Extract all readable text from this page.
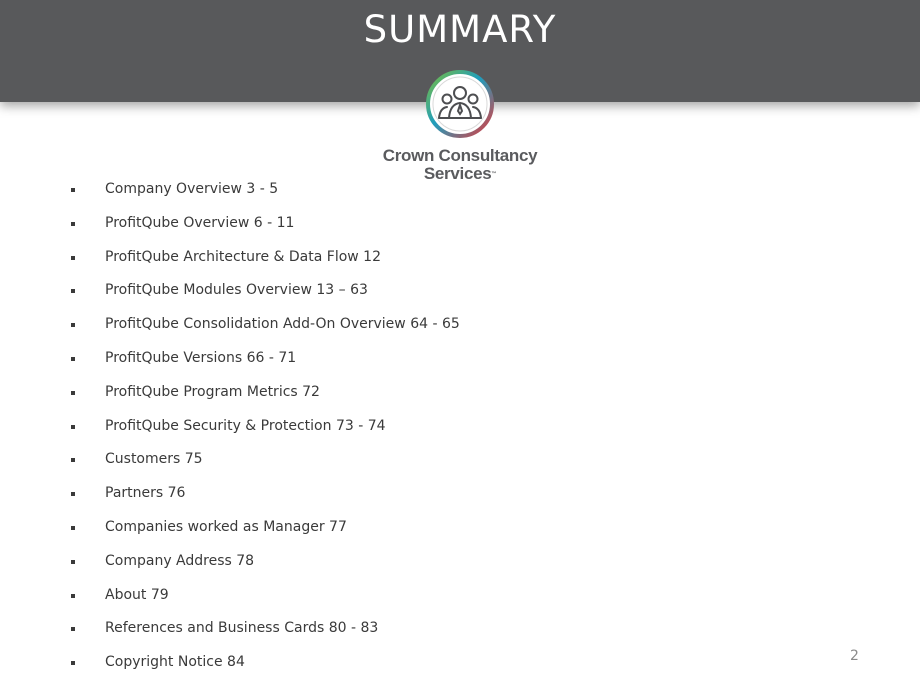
SUMMARY
Crown Consultancy
Services™
Company Overview 3 - 5
ProfitQube Overview 6 - 11
ProfitQube Architecture & Data Flow 12
ProfitQube Modules Overview 13 – 63
ProfitQube Consolidation Add-On Overview 64 - 65
ProfitQube Versions 66 - 71
ProfitQube Program Metrics 72
ProfitQube Security & Protection 73 - 74
Customers 75
Partners 76
Companies worked as Manager 77
Company Address 78
About 79
References and Business Cards 80 - 83
Copyright Notice 84	2
